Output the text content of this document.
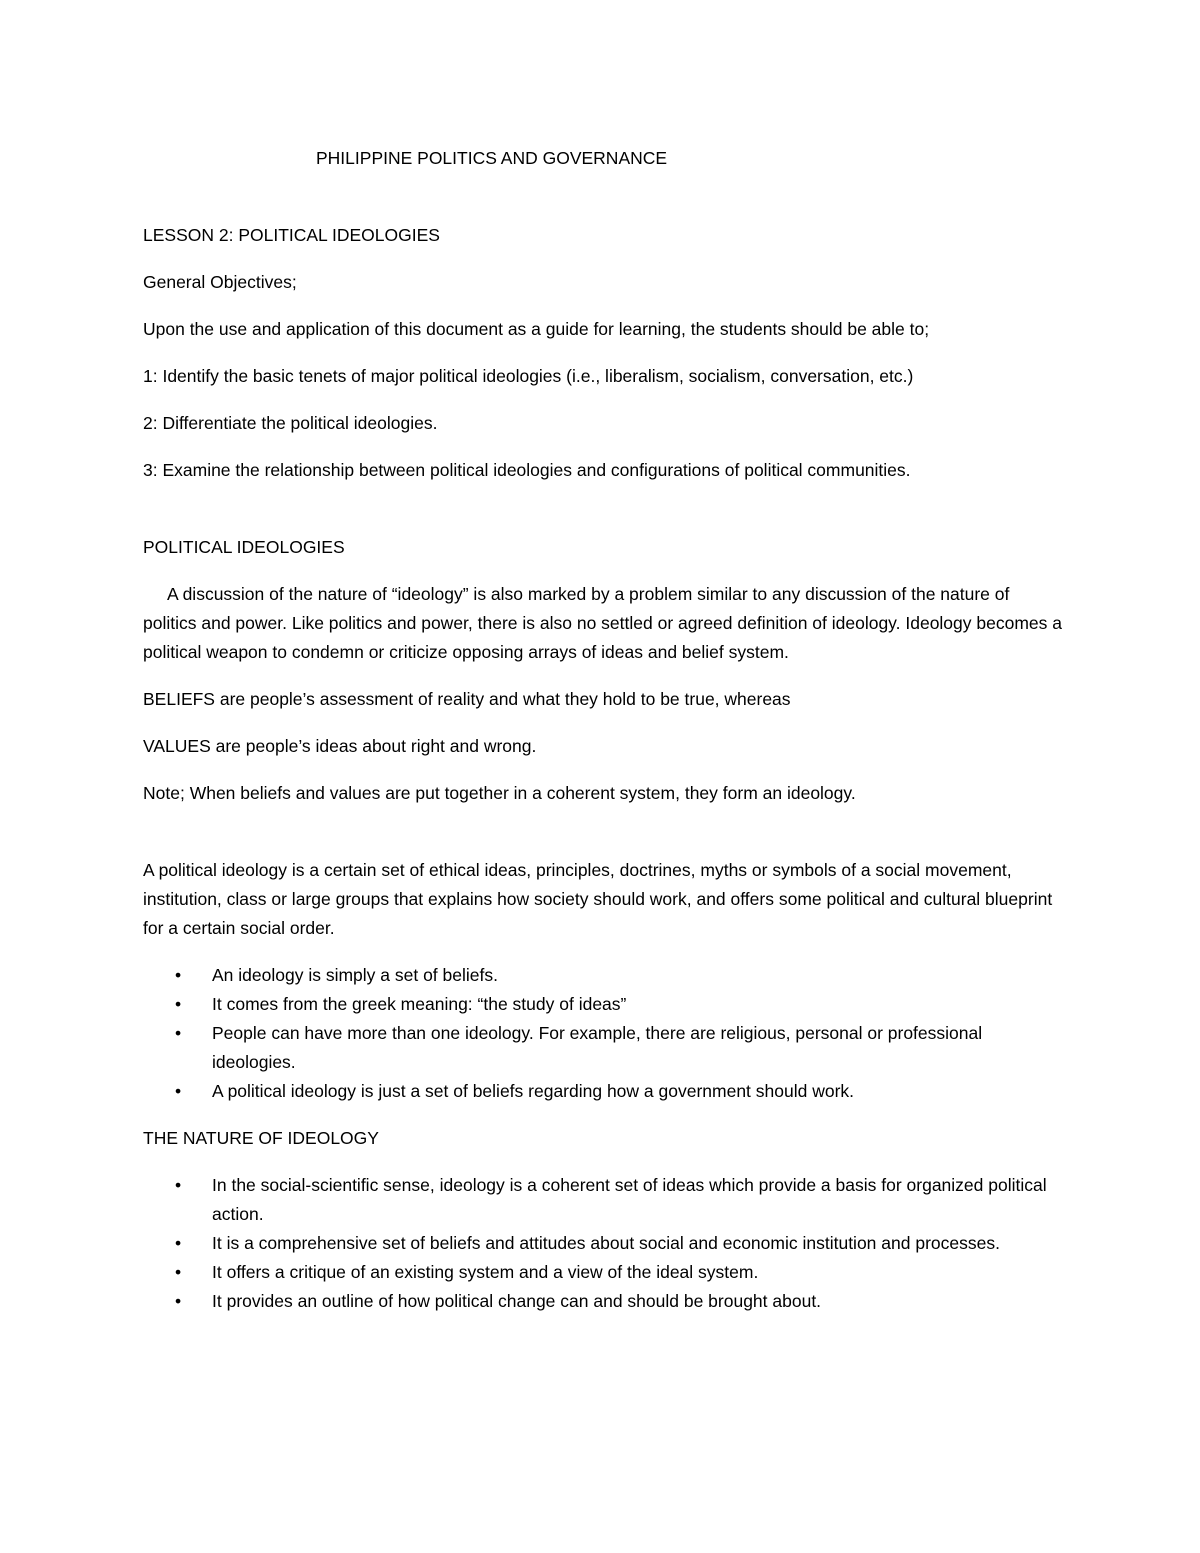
PHILIPPINE POLITICS AND GOVERNANCE

LESSON 2: POLITICAL IDEOLOGIES

General Objectives;

Upon the use and application of this document as a guide for learning, the students should be able to;

1: Identify the basic tenets of major political ideologies (i.e., liberalism, socialism, conversation, etc.)

2: Differentiate the political ideologies.

3: Examine the relationship between political ideologies and configurations of political communities.

POLITICAL IDEOLOGIES

A discussion of the nature of “ideology” is also marked by a problem similar to any discussion of the nature of politics and power. Like politics and power, there is also no settled or agreed definition of ideology. Ideology becomes a political weapon to condemn or criticize opposing arrays of ideas and belief system.

BELIEFS are people’s assessment of reality and what they hold to be true, whereas

VALUES are people’s ideas about right and wrong.

Note; When beliefs and values are put together in a coherent system, they form an ideology.

A political ideology is a certain set of ethical ideas, principles, doctrines, myths or symbols of a social movement, institution, class or large groups that explains how society should work, and offers some political and cultural blueprint for a certain social order.

• An ideology is simply a set of beliefs.
• It comes from the greek meaning: “the study of ideas”
• People can have more than one ideology. For example, there are religious, personal or professional ideologies.
• A political ideology is just a set of beliefs regarding how a government should work.

THE NATURE OF IDEOLOGY

• In the social-scientific sense, ideology is a coherent set of ideas which provide a basis for organized political action.
• It is a comprehensive set of beliefs and attitudes about social and economic institution and processes.
• It offers a critique of an existing system and a view of the ideal system.
• It provides an outline of how political change can and should be brought about.
